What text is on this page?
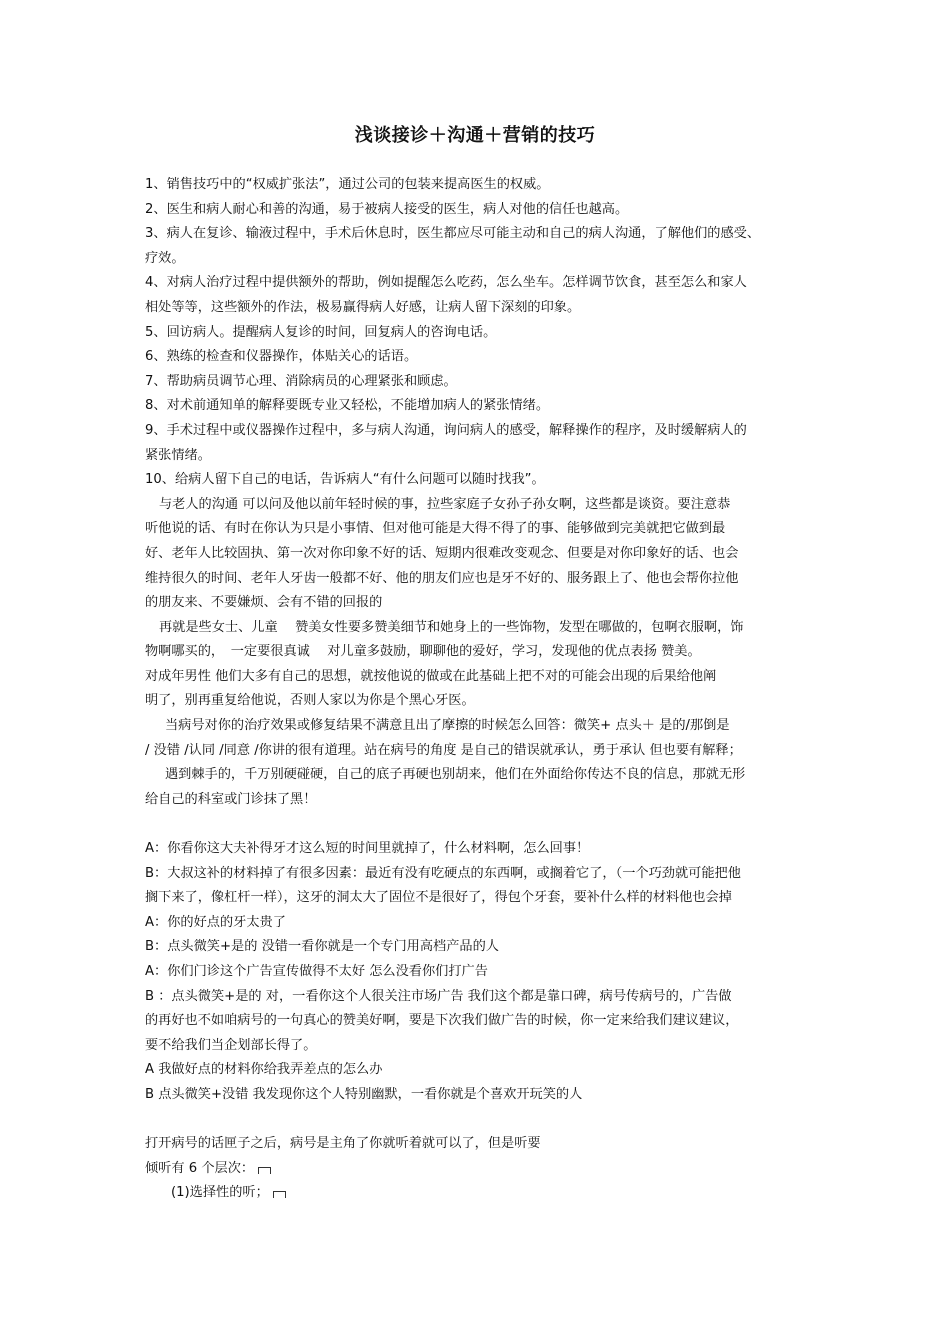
浅谈接诊＋沟通＋营销的技巧

1、销售技巧中的“权威扩张法”，通过公司的包装来提高医生的权威。

2、医生和病人耐心和善的沟通，易于被病人接受的医生，病人对他的信任也越高。

3、病人在复诊、输液过程中，手术后休息时，医生都应尽可能主动和自己的病人沟通，了解他们的感受、

疗效。

4、对病人治疗过程中提供额外的帮助，例如提醒怎么吃药，怎么坐车。怎样调节饮食，甚至怎么和家人

相处等等，这些额外的作法，极易赢得病人好感，让病人留下深刻的印象。

5、回访病人。提醒病人复诊的时间，回复病人的咨询电话。

6、熟练的检查和仪器操作，体贴关心的话语。

7、帮助病员调节心理、消除病员的心理紧张和顾虑。

8、对术前通知单的解释要既专业又轻松，不能增加病人的紧张情绪。

9、手术过程中或仪器操作过程中，多与病人沟通，询问病人的感受，解释操作的程序，及时缓解病人的

紧张情绪。

10、给病人留下自己的电话，告诉病人“有什么问题可以随时找我”。

与老人的沟通 可以问及他以前年轻时候的事，拉些家庭子女孙子孙女啊，这些都是谈资。要注意恭

听他说的话、有时在你认为只是小事情、但对他可能是大得不得了的事、能够做到完美就把它做到最

好、老年人比较固执、第一次对你印象不好的话、短期内很难改变观念、但要是对你印象好的话、也会

维持很久的时间、老年人牙齿一般都不好、他的朋友们应也是牙不好的、服务跟上了、他也会帮你拉他

的朋友来、不要嫌烦、会有不错的回报的

再就是些女士、儿童　 赞美女性要多赞美细节和她身上的一些饰物，发型在哪做的，包啊衣服啊，饰

物啊哪买的，　一定要很真诚　 对儿童多鼓励，聊聊他的爱好，学习，发现他的优点表扬 赞美。

对成年男性 他们大多有自己的思想，就按他说的做或在此基础上把不对的可能会出现的后果给他阐

明了，别再重复给他说，否则人家以为你是个黑心牙医。

当病号对你的治疗效果或修复结果不满意且出了摩擦的时候怎么回答：微笑+ 点头＋ 是的/那倒是

/ 没错 /认同 /同意 /你讲的很有道理。站在病号的角度 是自己的错误就承认，勇于承认 但也要有解释；

遇到棘手的，千万别硬碰硬，自己的底子再硬也别胡来，他们在外面给你传达不良的信息，那就无形

给自己的科室或门诊抹了黑！

A：你看你这大夫补得牙才这么短的时间里就掉了，什么材料啊，怎么回事！

B：大叔这补的材料掉了有很多因素：最近有没有吃硬点的东西啊，或搁着它了，（一个巧劲就可能把他

搁下来了，像杠杆一样），这牙的洞太大了固位不是很好了，得包个牙套，要补什么样的材料他也会掉

A：你的好点的牙太贵了

B：点头微笑+是的 没错一看你就是一个专门用高档产品的人

A：你们门诊这个广告宣传做得不太好 怎么没看你们打广告

B ：点头微笑+是的 对，一看你这个人很关注市场广告 我们这个都是靠口碑，病号传病号的，广告做

的再好也不如咱病号的一句真心的赞美好啊，要是下次我们做广告的时候，你一定来给我们建议建议，

要不给我们当企划部长得了。

A 我做好点的材料你给我弄差点的怎么办

B 点头微笑+没错 我发现你这个人特别幽默，一看你就是个喜欢开玩笑的人

打开病号的话匣子之后，病号是主角了你就听着就可以了，但是听要

倾听有 6 个层次：

(1)选择性的听；
